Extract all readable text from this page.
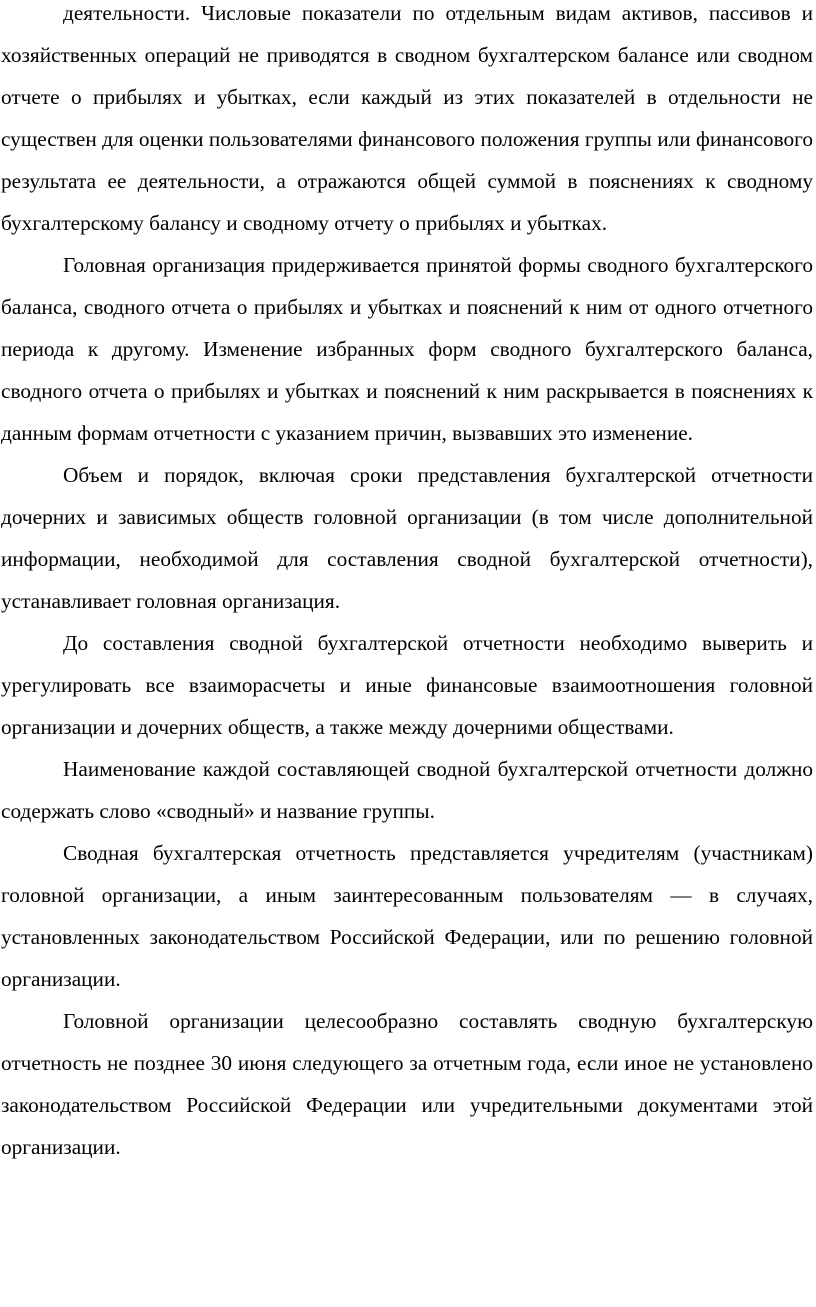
деятельности. Числовые показатели по отдельным видам активов, пассивов и хозяйственных операций не приводятся в сводном бухгалтерском балансе или сводном отчете о прибылях и убытках, если каждый из этих показателей в отдельности не существен для оценки пользователями финансового положения группы или финансового результата ее деятельности, а отражаются общей суммой в пояснениях к сводному бухгалтерскому балансу и сводному отчету о прибылях и убытках.

Головная организация придерживается принятой формы сводного бухгалтерского баланса, сводного отчета о прибылях и убытках и пояснений к ним от одного отчетного периода к другому. Изменение избранных форм сводного бухгалтерского баланса, сводного отчета о прибылях и убытках и пояснений к ним раскрывается в пояснениях к данным формам отчетности с указанием причин, вызвавших это изменение.

Объем и порядок, включая сроки представления бухгалтерской отчетности дочерних и зависимых обществ головной организации (в том числе дополнительной информации, необходимой для составления сводной бухгалтерской отчетности), устанавливает головная организация.

До составления сводной бухгалтерской отчетности необходимо выверить и урегулировать все взаиморасчеты и иные финансовые взаимоотношения головной организации и дочерних обществ, а также между дочерними обществами.

Наименование каждой составляющей сводной бухгалтерской отчетности должно содержать слово «сводный» и название группы.

Сводная бухгалтерская отчетность представляется учредителям (участникам) головной организации, а иным заинтересованным пользователям — в случаях, установленных законодательством Российской Федерации, или по решению головной организации.

Головной организации целесообразно составлять сводную бухгалтерскую отчетность не позднее 30 июня следующего за отчетным года, если иное не установлено законодательством Российской Федерации или учредительными документами этой организации.
